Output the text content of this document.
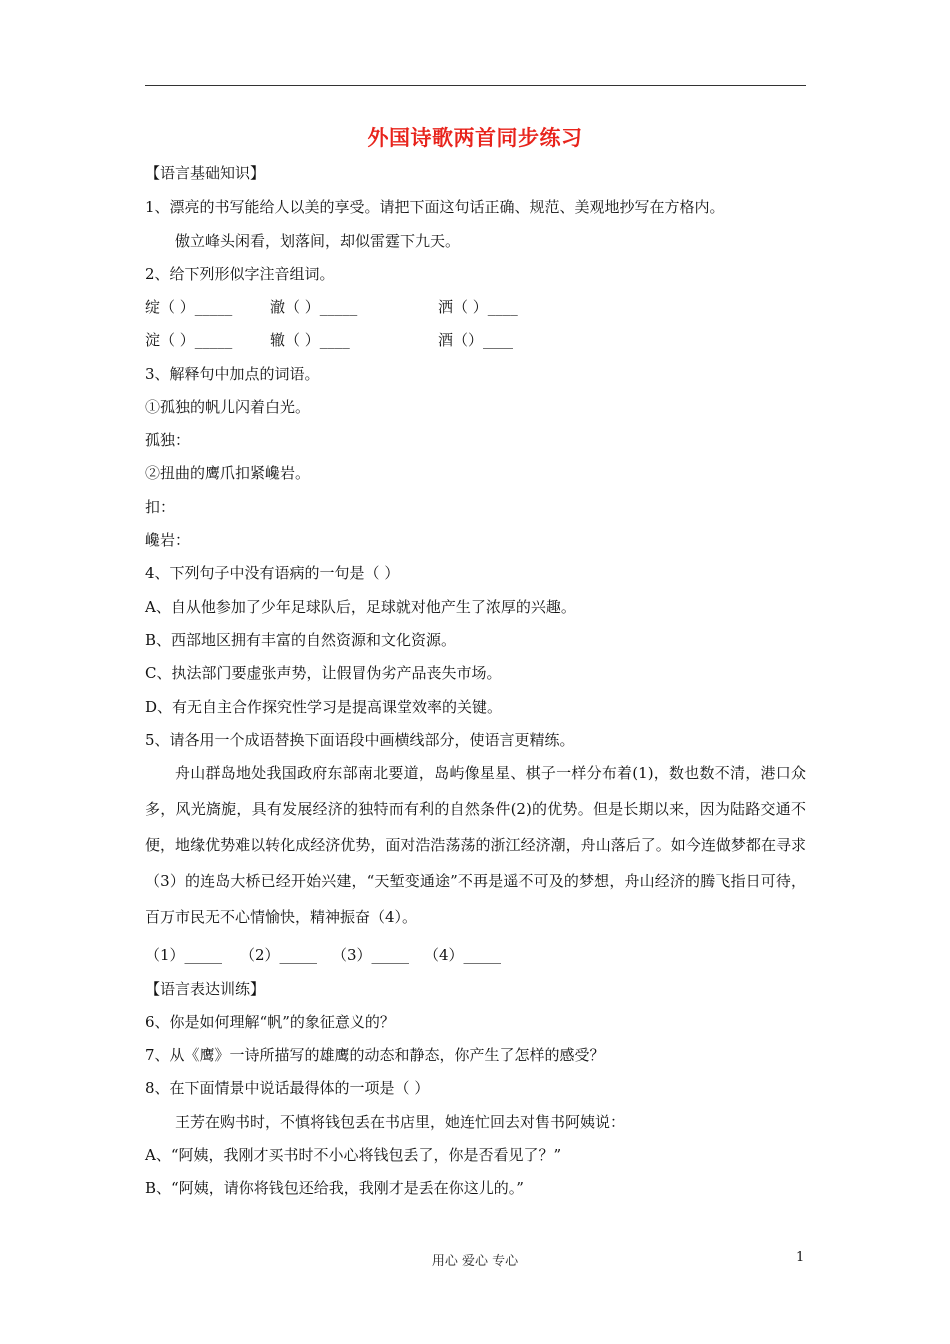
外国诗歌两首同步练习
【语言基础知识】
1、漂亮的书写能给人以美的享受。请把下面这句话正确、规范、美观地抄写在方格内。
傲立峰头闲看，划落间，却似雷霆下九天。
2、给下列形似字注音组词。
绽（ ）_____	澈（ ）_____	洒（ ）____
淀（ ）_____	辙（ ）____	酒（）____
3、解释句中加点的词语。
①孤独的帆儿闪着白光。
孤独：
②扭曲的鹰爪扣紧巉岩。
扣：
巉岩：
4、下列句子中没有语病的一句是（ ）
A、自从他参加了少年足球队后，足球就对他产生了浓厚的兴趣。
B、西部地区拥有丰富的自然资源和文化资源。
C、执法部门要虚张声势，让假冒伪劣产品丧失市场。
D、有无自主合作探究性学习是提高课堂效率的关键。
5、请各用一个成语替换下面语段中画横线部分，使语言更精练。
舟山群岛地处我国政府东部南北要道，岛屿像星星、棋子一样分布着(1)，数也数不清，港口众多，风光旖旎，具有发展经济的独特而有利的自然条件(2)的优势。但是长期以来，因为陆路交通不便，地缘优势难以转化成经济优势，面对浩浩荡荡的浙江经济潮，舟山落后了。如今连做梦都在寻求（3）的连岛大桥已经开始兴建，“天堑变通途”不再是遥不可及的梦想，舟山经济的腾飞指日可待，百万市民无不心情愉快，精神振奋（4）。
（1）_____ （2）_____ （3）_____ （4）_____
【语言表达训练】
6、你是如何理解“帆”的象征意义的？
7、从《鹰》一诗所描写的雄鹰的动态和静态，你产生了怎样的感受？
8、在下面情景中说话最得体的一项是（ ）
王芳在购书时，不慎将钱包丢在书店里，她连忙回去对售书阿姨说：
A、“阿姨，我刚才买书时不小心将钱包丢了，你是否看见了？”
B、“阿姨，请你将钱包还给我，我刚才是丢在你这儿的。”
用心 爱心 专心	1
